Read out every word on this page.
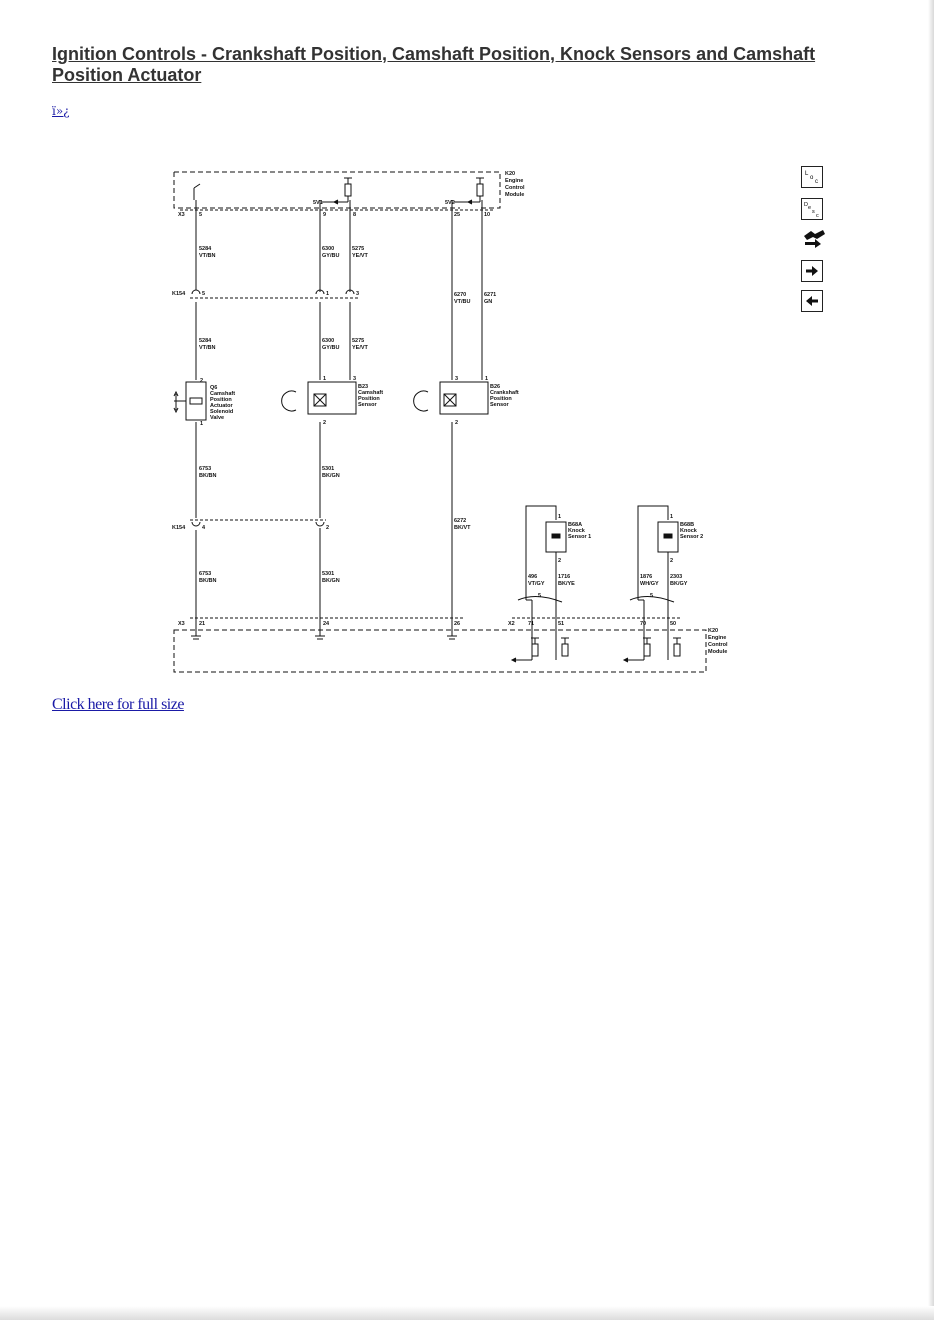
Ignition Controls - Crankshaft Position, Camshaft Position, Knock Sensors and Camshaft Position Actuator
ï»¿
K20
Engine
Control
Module
5V1	5V2
X3	5	9	8	25	10
5284
VT/BN
6300
GY/BU
5275
YE/VT
K154	5	1	3	6270
VT/BU
6271
GN
5284
VT/BN
6300
GY/BU
5275
YE/VT
2
1
Q6
Camshaft
Position
Actuator
Solenoid
Valve
1	3
2
B23
Camshaft
Position
Sensor
3	1
2
B26
Crankshaft
Position
Sensor
6753
BK/BN
5301
BK/GN
6272
BK/VT
K154	4	2
6753
BK/BN
5301
BK/GN
X3	21	24	26
1
2
B68A
Knock
Sensor 1
1
2
B68B
Knock
Sensor 2
496
VT/GY
1716
BK/YE
1876
WH/GY
2303
BK/GY
5	5
X2 71	51	70	50
K20
Engine
Control
Module
L
o
c
D e
s
c
Click here for full size
